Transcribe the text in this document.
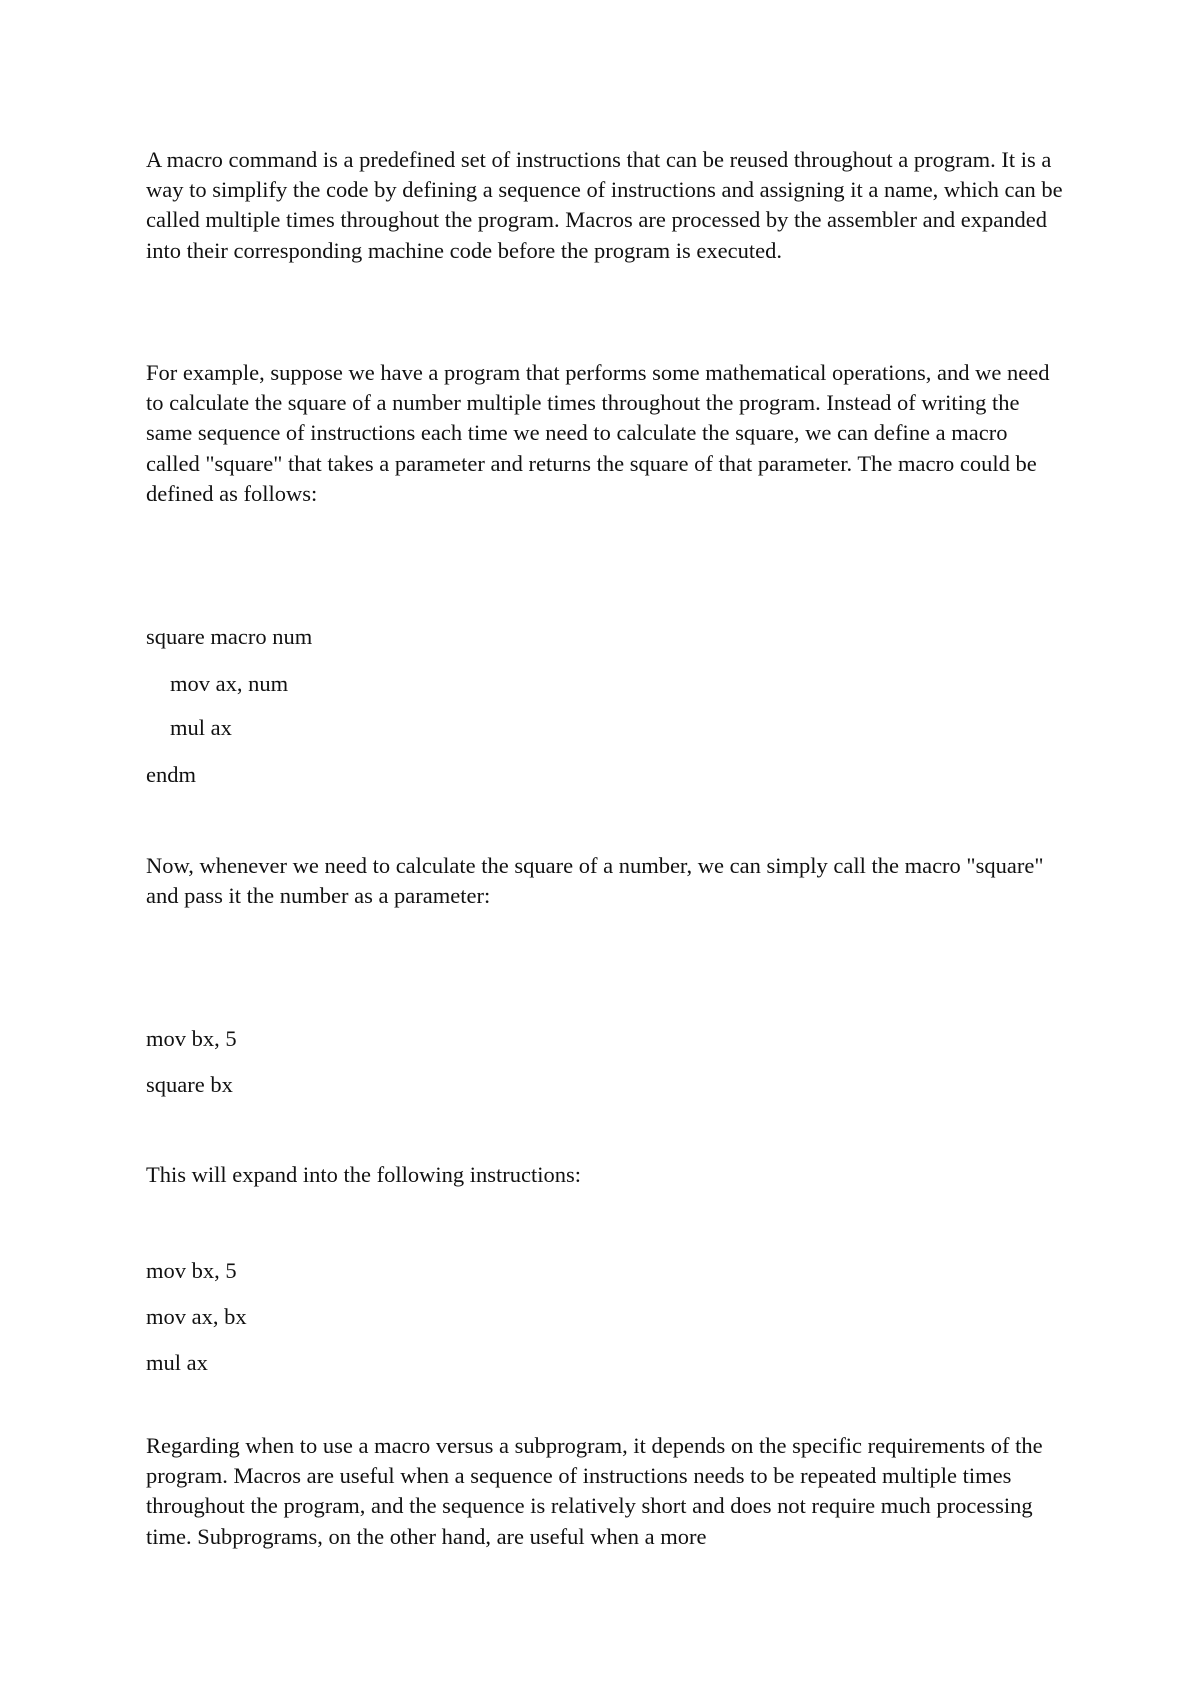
A macro command is a predefined set of instructions that can be reused throughout a program. It is a way to simplify the code by defining a sequence of instructions and assigning it a name, which can be called multiple times throughout the program. Macros are processed by the assembler and expanded into their corresponding machine code before the program is executed.

For example, suppose we have a program that performs some mathematical operations, and we need to calculate the square of a number multiple times throughout the program. Instead of writing the same sequence of instructions each time we need to calculate the square, we can define a macro called "square" that takes a parameter and returns the square of that parameter. The macro could be defined as follows:

square macro num

mov ax, num

mul ax

endm

Now, whenever we need to calculate the square of a number, we can simply call the macro "square" and pass it the number as a parameter:

mov bx, 5

square bx

This will expand into the following instructions:

mov bx, 5

mov ax, bx

mul ax

Regarding when to use a macro versus a subprogram, it depends on the specific requirements of the program. Macros are useful when a sequence of instructions needs to be repeated multiple times throughout the program, and the sequence is relatively short and does not require much processing time. Subprograms, on the other hand, are useful when a more
